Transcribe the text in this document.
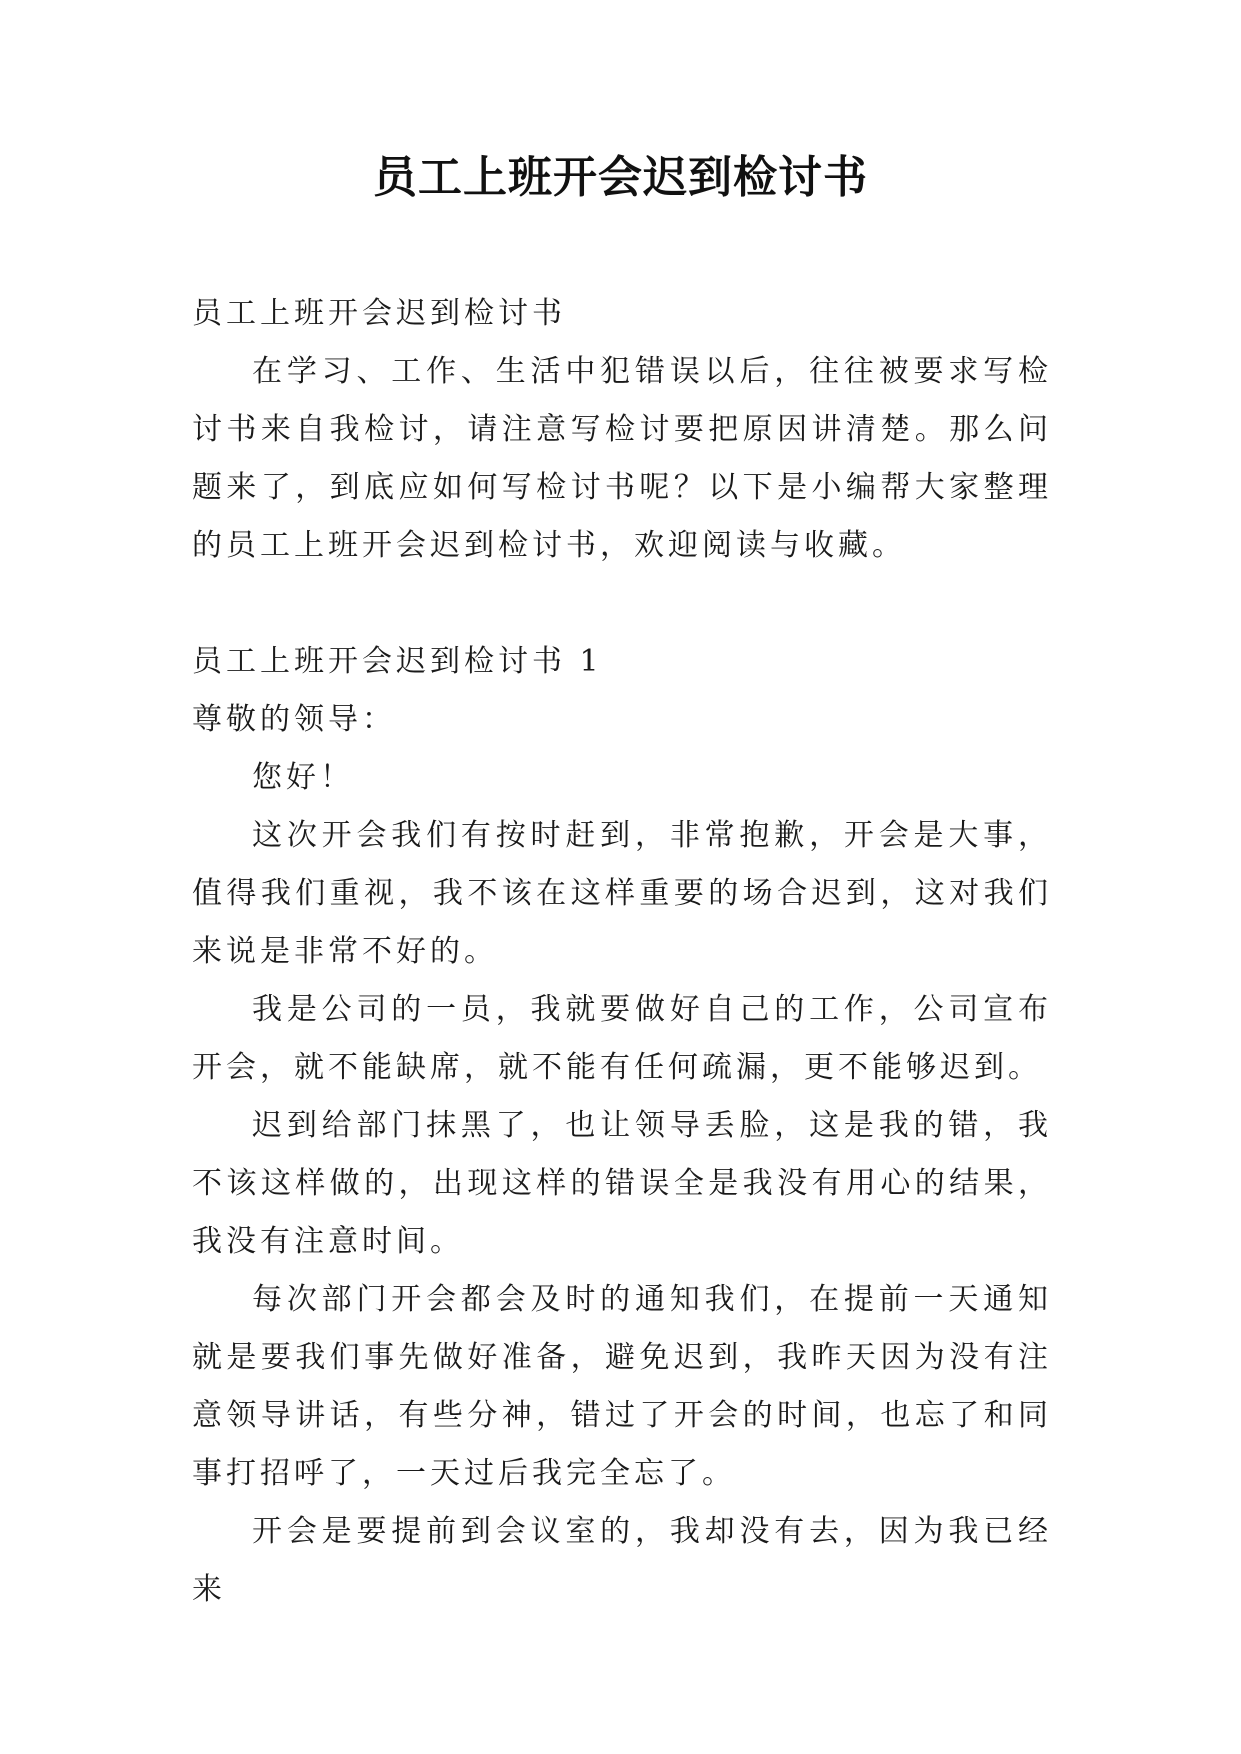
员工上班开会迟到检讨书

员工上班开会迟到检讨书

在学习、工作、生活中犯错误以后，往往被要求写检讨书来自我检讨，请注意写检讨要把原因讲清楚。那么问题来了，到底应如何写检讨书呢？以下是小编帮大家整理的员工上班开会迟到检讨书，欢迎阅读与收藏。

员工上班开会迟到检讨书 1

尊敬的领导：

您好！

这次开会我们有按时赶到，非常抱歉，开会是大事，值得我们重视，我不该在这样重要的场合迟到，这对我们来说是非常不好的。

我是公司的一员，我就要做好自己的工作，公司宣布开会，就不能缺席，就不能有任何疏漏，更不能够迟到。

迟到给部门抹黑了，也让领导丢脸，这是我的错，我不该这样做的，出现这样的错误全是我没有用心的结果，我没有注意时间。

每次部门开会都会及时的通知我们，在提前一天通知就是要我们事先做好准备，避免迟到，我昨天因为没有注意领导讲话，有些分神，错过了开会的时间，也忘了和同事打招呼了，一天过后我完全忘了。

开会是要提前到会议室的，我却没有去，因为我已经来
